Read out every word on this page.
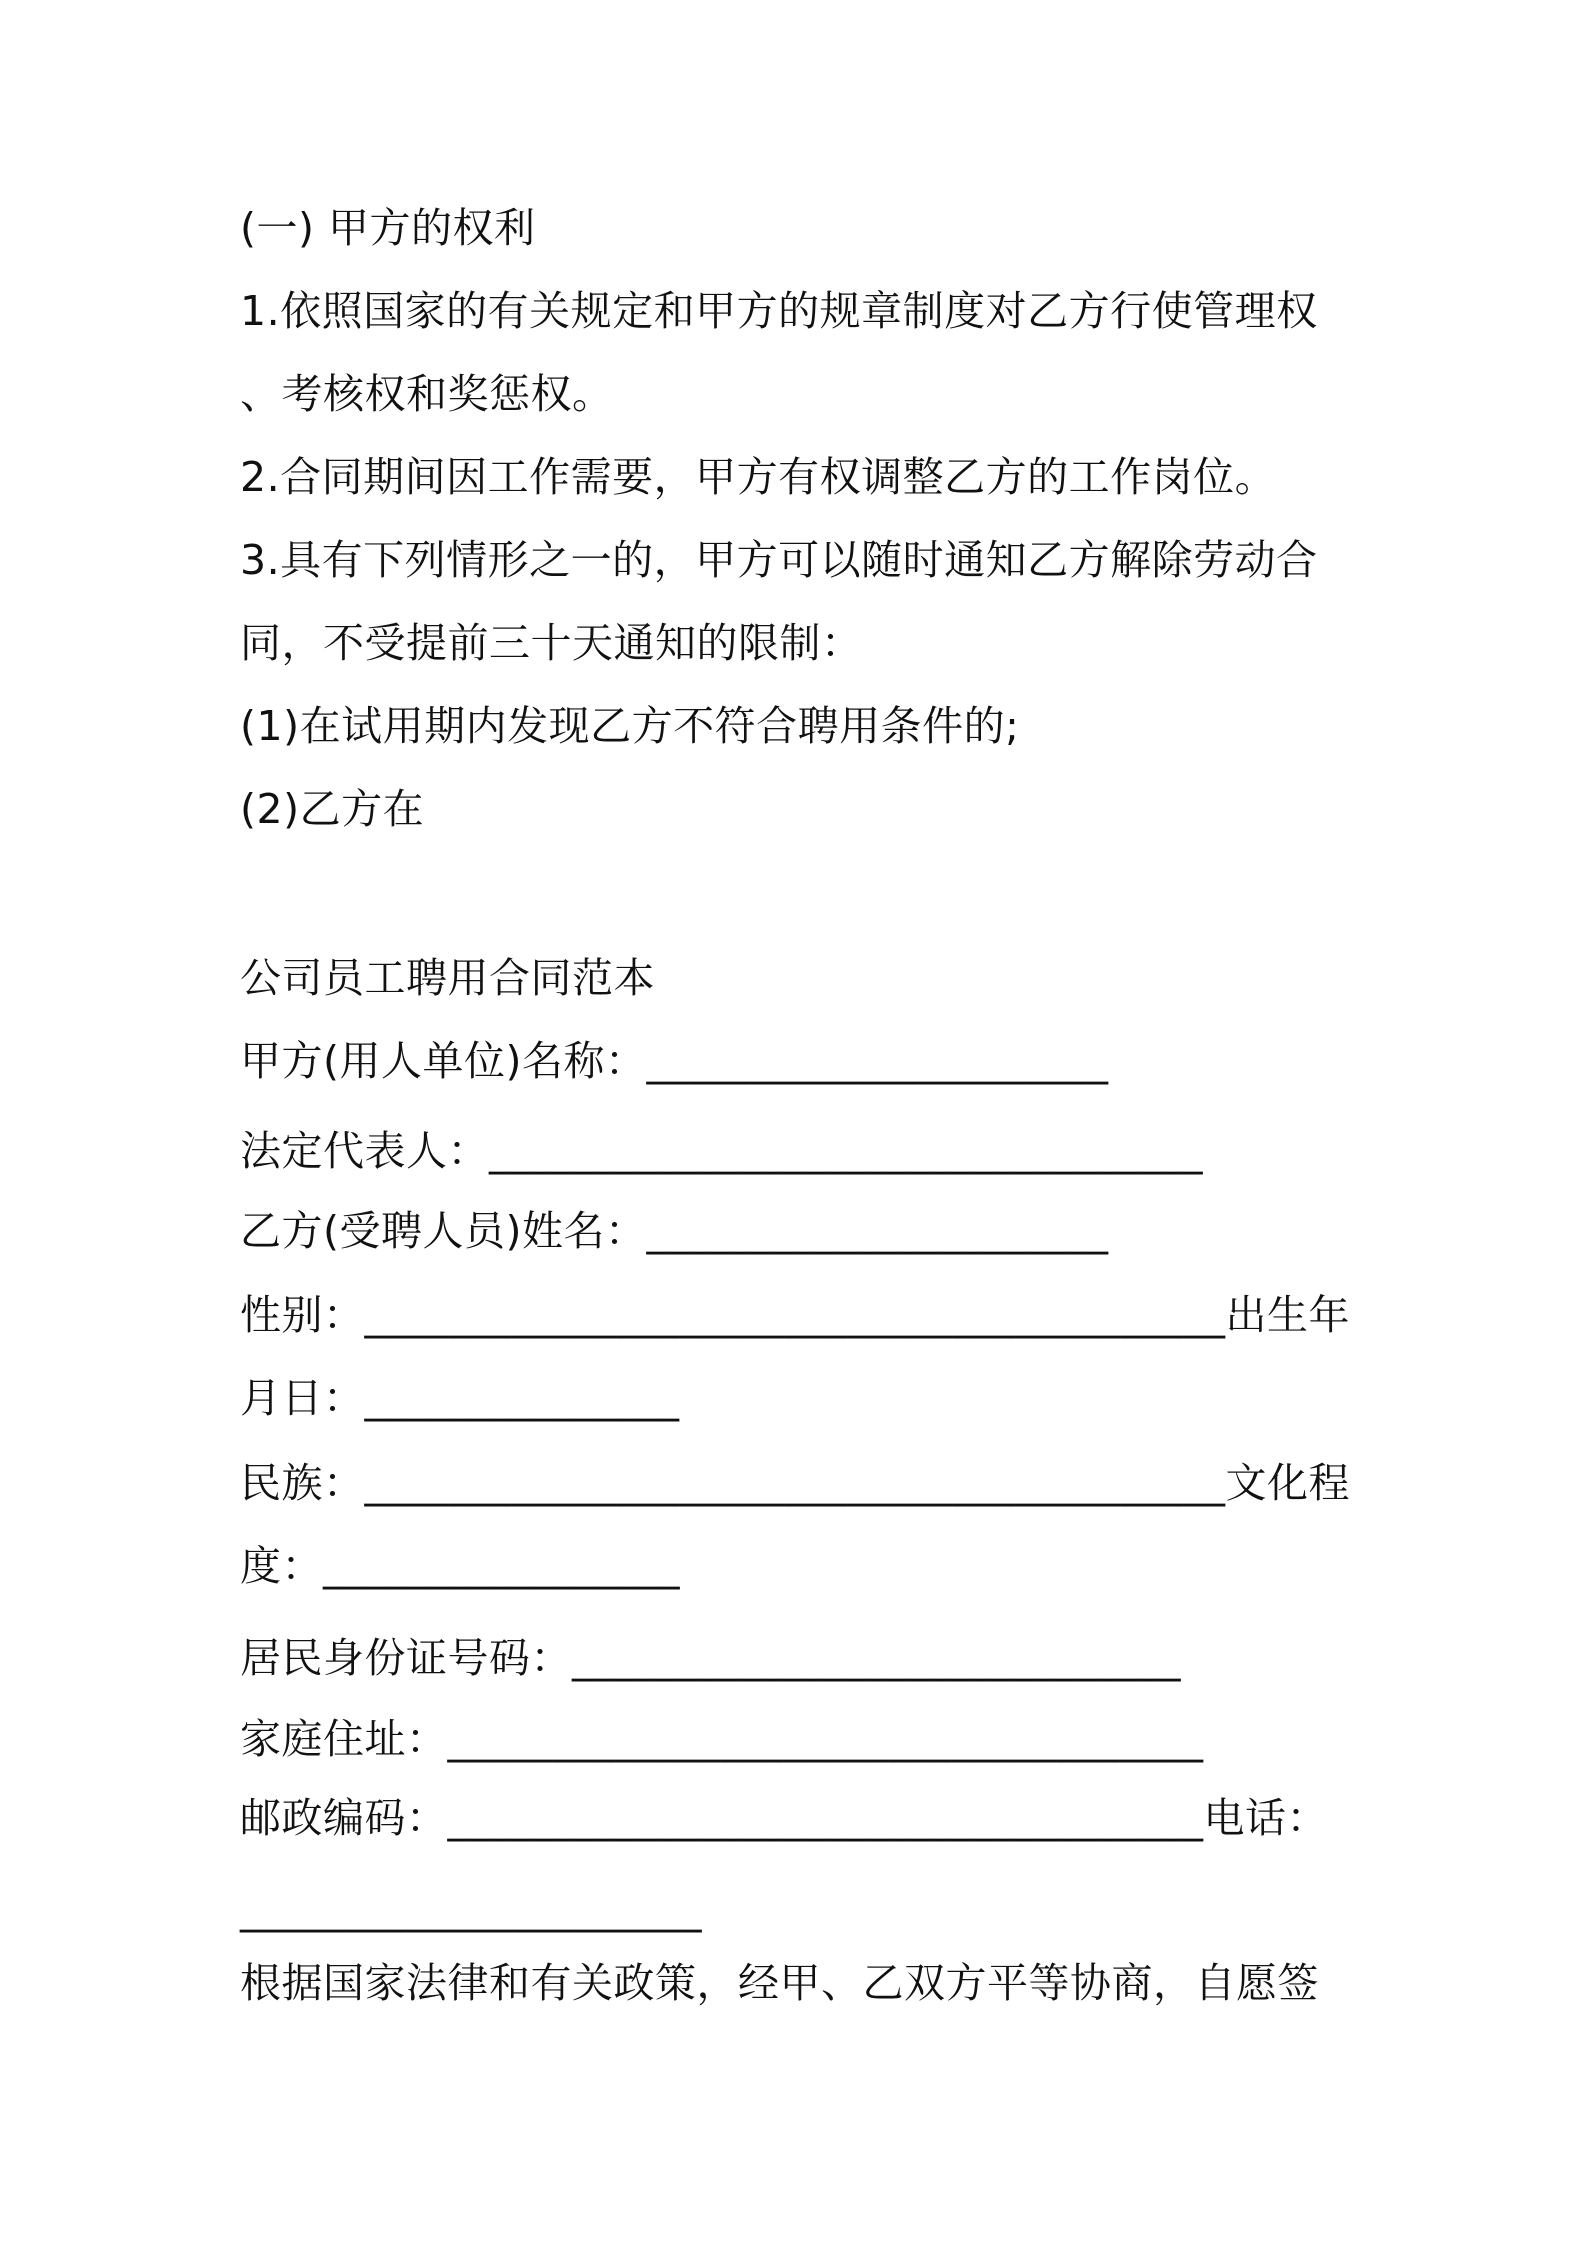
(一) 甲方的权利

1.依照国家的有关规定和甲方的规章制度对乙方行使管理权

、考核权和奖惩权。

2.合同期间因工作需要，甲方有权调整乙方的工作岗位。

3.具有下列情形之一的，甲方可以随时通知乙方解除劳动合

同，不受提前三十天通知的限制：

(1)在试用期内发现乙方不符合聘用条件的;

(2)乙方在

公司员工聘用合同范本

甲方(用人单位)名称：______________________

法定代表人：__________________________________

乙方(受聘人员)姓名：______________________

性别：_________________________________________出生年

月日：_______________

民族：_________________________________________文化程

度：_________________

居民身份证号码：_____________________________

家庭住址：____________________________________

邮政编码：____________________________________电话：

______________________

根据国家法律和有关政策，经甲、乙双方平等协商，自愿签
